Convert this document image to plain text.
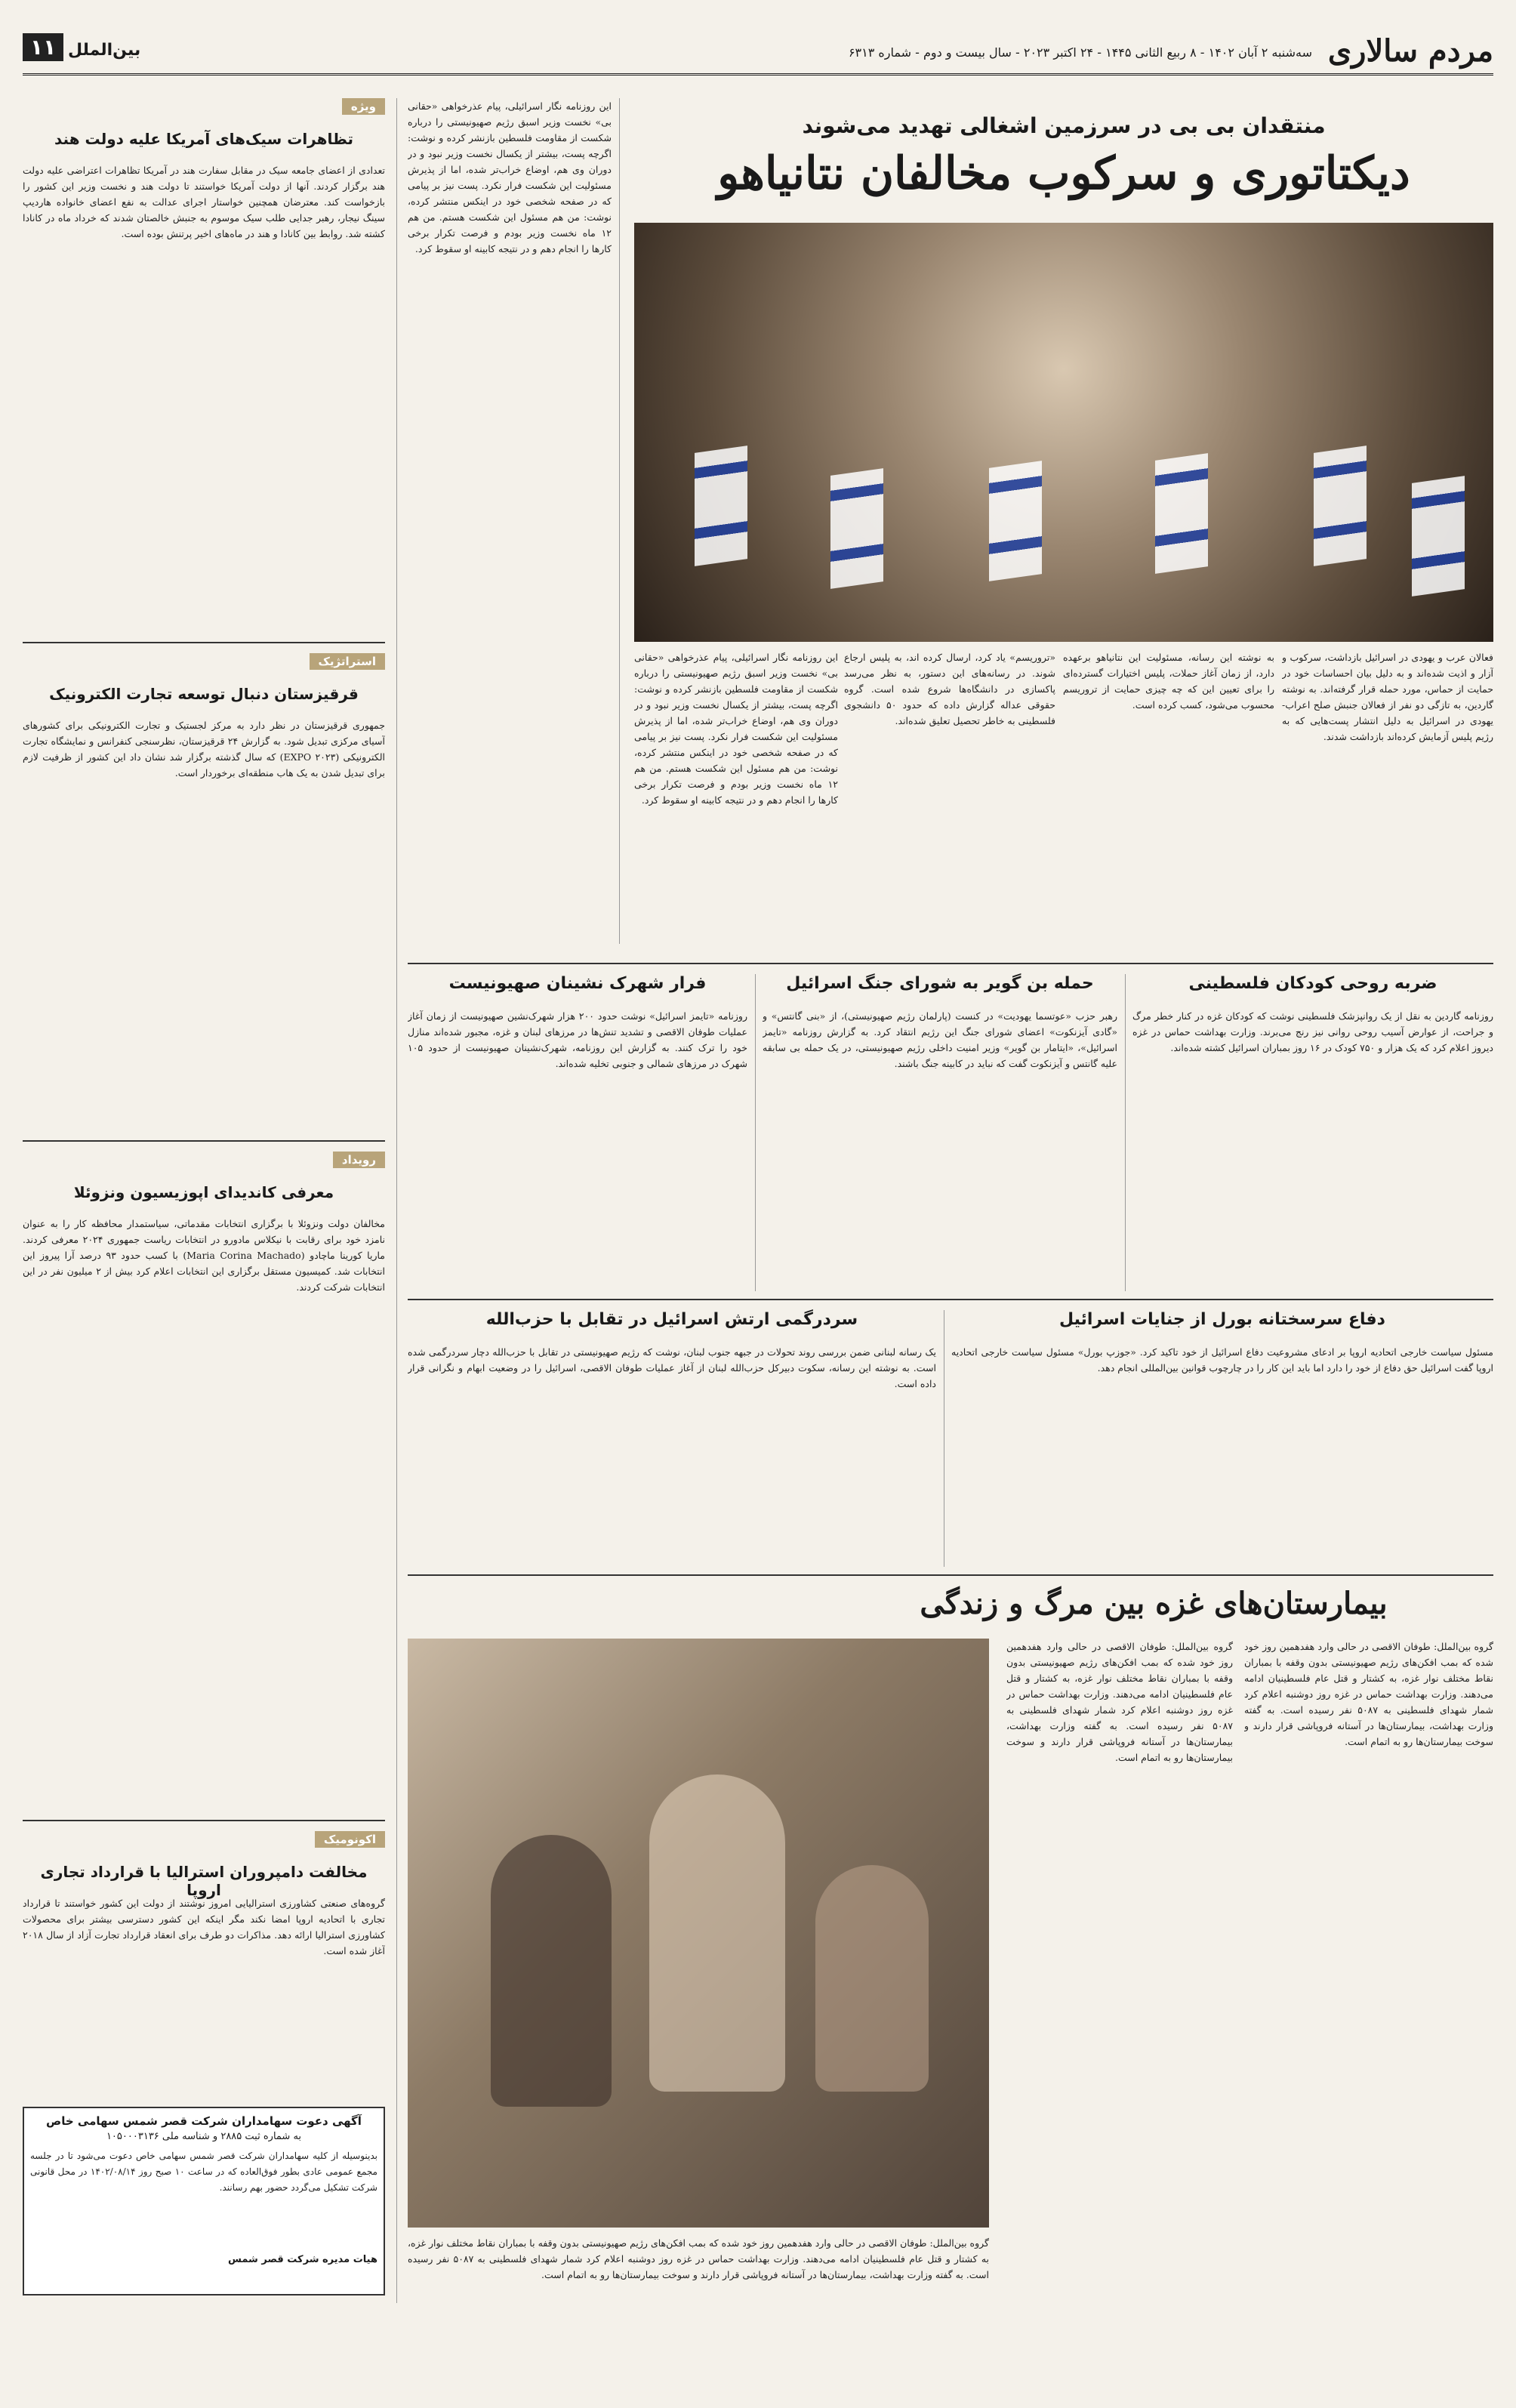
مردم سالاری
سه‌شنبه ۲ آبان ۱۴۰۲ - ۸ ربیع الثانی ۱۴۴۵ - ۲۴ اکتبر ۲۰۲۳ - سال بیست و دوم - شماره ۶۳۱۳
بین‌الملل
۱۱
ویژه
تظاهرات سیک‌های آمریکا علیه دولت هند
تعدادی از اعضای جامعه سیک در مقابل سفارت هند در آمریکا تظاهرات اعتراضی علیه دولت هند برگزار کردند. آنها از دولت آمریکا خواستند تا دولت هند و نخست وزیر این کشور را بازخواست کند. معترضان همچنین خواستار اجرای عدالت به نفع اعضای خانواده هاردیپ سینگ نیجار، رهبر جدایی طلب سیک موسوم به جنبش خالصتان شدند که خرداد ماه در کانادا کشته شد. روابط بین کانادا و هند در ماه‌های اخیر پرتنش بوده است.
استراتژیک
قرقیزستان دنبال توسعه تجارت الکترونیک
جمهوری قرقیزستان در نظر دارد به مرکز لجستیک و تجارت الکترونیکی برای کشورهای آسیای مرکزی تبدیل شود. به گزارش ۲۴ قرقیزستان، نظرسنجی کنفرانس و نمایشگاه تجارت الکترونیکی (EXPO ۲۰۲۳) که سال گذشته برگزار شد نشان داد این کشور از ظرفیت لازم برای تبدیل شدن به یک هاب منطقه‌ای برخوردار است.
رویداد
معرفی کاندیدای اپوزیسیون ونزوئلا
مخالفان دولت ونزوئلا با برگزاری انتخابات مقدماتی، سیاستمدار محافظه کار را به عنوان نامزد خود برای رقابت با نیکلاس مادورو در انتخابات ریاست جمهوری ۲۰۲۴ معرفی کردند. ماریا کورینا ماچادو (Maria Corina Machado) با کسب حدود ۹۳ درصد آرا پیروز این انتخابات شد. کمیسیون مستقل برگزاری این انتخابات اعلام کرد بیش از ۲ میلیون نفر در این انتخابات شرکت کردند.
اکونومیک
مخالفت دامپروران استرالیا با قرارداد تجاری اروپا
گروه‌های صنعتی کشاورزی استرالیایی امروز نوشتند از دولت این کشور خواستند تا قرارداد تجاری با اتحادیه اروپا امضا نکند مگر اینکه این کشور دسترسی بیشتر برای محصولات کشاورزی استرالیا ارائه دهد. مذاکرات دو طرف برای انعقاد قرارداد تجارت آزاد از سال ۲۰۱۸ آغاز شده است.
آگهی دعوت سهامداران شرکت قصر شمس سهامی خاص
به شماره ثبت ۲۸۸۵ و شناسه ملی ۱۰۵۰۰۰۳۱۳۶
بدینوسیله از کلیه سهامداران شرکت قصر شمس سهامی خاص دعوت می‌شود تا در جلسه مجمع عمومی عادی بطور فوق‌العاده که در ساعت ۱۰ صبح روز ۱۴۰۲/۰۸/۱۴ در محل قانونی شرکت تشکیل می‌گردد حضور بهم رسانند.
هیات مدیره شرکت قصر شمس
این روزنامه نگار اسرائیلی، پیام عذرخواهی «حقانی بی» نخست وزیر اسبق رژیم صهیونیستی را درباره شکست از مقاومت فلسطین بازنشر کرده و نوشت: اگرچه پست، بیشتر از یکسال نخست وزیر نبود و در دوران وی هم، اوضاع خراب‌تر شده، اما از پذیرش مسئولیت این شکست فرار نکرد. پست نیز بر پیامی که در صفحه شخصی خود در اینکس منتشر کرده، نوشت: من هم مسئول این شکست هستم. من هم ۱۲ ماه نخست وزیر بودم و فرصت تکرار برخی کارها را انجام دهم و در نتیجه کابینه او سقوط کرد.
منتقدان بی بی در سرزمین اشغالی تهدید می‌شوند
دیکتاتوری و سرکوب مخالفان نتانیاهو
فعالان عرب و یهودی در اسرائیل بازداشت، سرکوب و آزار و اذیت شده‌اند و به دلیل بیان احساسات خود در حمایت از حماس، مورد حمله قرار گرفته‌اند. به نوشته گاردین، به تازگی دو نفر از فعالان جنبش صلح اعراب-یهودی در اسرائیل به دلیل انتشار پست‌هایی که به رژیم پلیس آزمایش کرده‌اند بازداشت شدند.
به نوشته این رسانه، مسئولیت این نتانیاهو برعهده دارد، از زمان آغاز حملات، پلیس اختیارات گسترده‌ای را برای تعیین این که چه چیزی حمایت از تروریسم محسوب می‌شود، کسب کرده است.
«تروریسم» یاد کرد، ارسال کرده اند، به پلیس ارجاع شوند. در رسانه‌های این دستور، به نظر می‌رسد پاکسازی در دانشگاه‌ها شروع شده است. گروه حقوقی عداله گزارش داده که حدود ۵۰ دانشجوی فلسطینی به خاطر تحصیل تعلیق شده‌اند.
این روزنامه نگار اسرائیلی، پیام عذرخواهی «حقانی بی» نخست وزیر اسبق رژیم صهیونیستی را درباره شکست از مقاومت فلسطین بازنشر کرده و نوشت: اگرچه پست، بیشتر از یکسال نخست وزیر نبود و در دوران وی هم، اوضاع خراب‌تر شده، اما از پذیرش مسئولیت این شکست فرار نکرد. پست نیز بر پیامی که در صفحه شخصی خود در اینکس منتشر کرده، نوشت: من هم مسئول این شکست هستم. من هم ۱۲ ماه نخست وزیر بودم و فرصت تکرار برخی کارها را انجام دهم و در نتیجه کابینه او سقوط کرد.
ضربه روحی کودکان فلسطینی
روزنامه گاردین به نقل از یک روانپزشک فلسطینی نوشت که کودکان غزه در کنار خطر مرگ و جراحت، از عوارض آسیب روحی روانی نیز رنج می‌برند. وزارت بهداشت حماس در غزه دیروز اعلام کرد که یک هزار و ۷۵۰ کودک در ۱۶ روز بمباران اسرائیل کشته شده‌اند.
حمله بن گویر به شورای جنگ اسرائیل
رهبر حزب «عوتسما یهودیت» در کنست (پارلمان رژیم صهیونیستی)، از «بنی گانتس» و «گادی آیزنکوت» اعضای شورای جنگ این رژیم انتقاد کرد. به گزارش روزنامه «تایمز اسرائیل»، «ایتامار بن گویر» وزیر امنیت داخلی رژیم صهیونیستی، در یک حمله بی سابقه علیه گانتس و آیزنکوت گفت که نباید در کابینه جنگ باشند.
فرار شهرک نشینان صهیونیست
روزنامه «تایمز اسرائیل» نوشت حدود ۲۰۰ هزار شهرک‌نشین صهیونیست از زمان آغاز عملیات طوفان الاقصی و تشدید تنش‌ها در مرزهای لبنان و غزه، مجبور شده‌اند منازل خود را ترک کنند. به گزارش این روزنامه، شهرک‌نشینان صهیونیست از حدود ۱۰۵ شهرک در مرزهای شمالی و جنوبی تخلیه شده‌اند.
دفاع سرسختانه بورل از جنایات اسرائیل
مسئول سیاست خارجی اتحادیه اروپا بر ادعای مشروعیت دفاع اسرائیل از خود تاکید کرد. «جوزپ بورل» مسئول سیاست خارجی اتحادیه اروپا گفت اسرائیل حق دفاع از خود را دارد اما باید این کار را در چارچوب قوانین بین‌المللی انجام دهد.
سردرگمی ارتش اسرائیل در تقابل با حزب‌الله
یک رسانه لبنانی ضمن بررسی روند تحولات در جبهه جنوب لبنان، نوشت که رژیم صهیونیستی در تقابل با حزب‌الله دچار سردرگمی شده است. به نوشته این رسانه، سکوت دبیرکل حزب‌الله لبنان از آغاز عملیات طوفان الاقصی، اسرائیل را در وضعیت ابهام و نگرانی قرار داده است.
بیمارستان‌های غزه بین مرگ و زندگی
گروه بین‌الملل: طوفان الاقصی در حالی وارد هفدهمین روز خود شده که بمب افکن‌های رژیم صهیونیستی بدون وقفه با بمباران نقاط مختلف نوار غزه، به کشتار و قتل عام فلسطینیان ادامه می‌دهند. وزارت بهداشت حماس در غزه روز دوشنبه اعلام کرد شمار شهدای فلسطینی به ۵۰۸۷ نفر رسیده است. به گفته وزارت بهداشت، بیمارستان‌ها در آستانه فروپاشی قرار دارند و سوخت بیمارستان‌ها رو به اتمام است.
گروه بین‌الملل: طوفان الاقصی در حالی وارد هفدهمین روز خود شده که بمب افکن‌های رژیم صهیونیستی بدون وقفه با بمباران نقاط مختلف نوار غزه، به کشتار و قتل عام فلسطینیان ادامه می‌دهند. وزارت بهداشت حماس در غزه روز دوشنبه اعلام کرد شمار شهدای فلسطینی به ۵۰۸۷ نفر رسیده است. به گفته وزارت بهداشت، بیمارستان‌ها در آستانه فروپاشی قرار دارند و سوخت بیمارستان‌ها رو به اتمام است.
گروه بین‌الملل: طوفان الاقصی در حالی وارد هفدهمین روز خود شده که بمب افکن‌های رژیم صهیونیستی بدون وقفه با بمباران نقاط مختلف نوار غزه، به کشتار و قتل عام فلسطینیان ادامه می‌دهند. وزارت بهداشت حماس در غزه روز دوشنبه اعلام کرد شمار شهدای فلسطینی به ۵۰۸۷ نفر رسیده است. به گفته وزارت بهداشت، بیمارستان‌ها در آستانه فروپاشی قرار دارند و سوخت بیمارستان‌ها رو به اتمام است.
